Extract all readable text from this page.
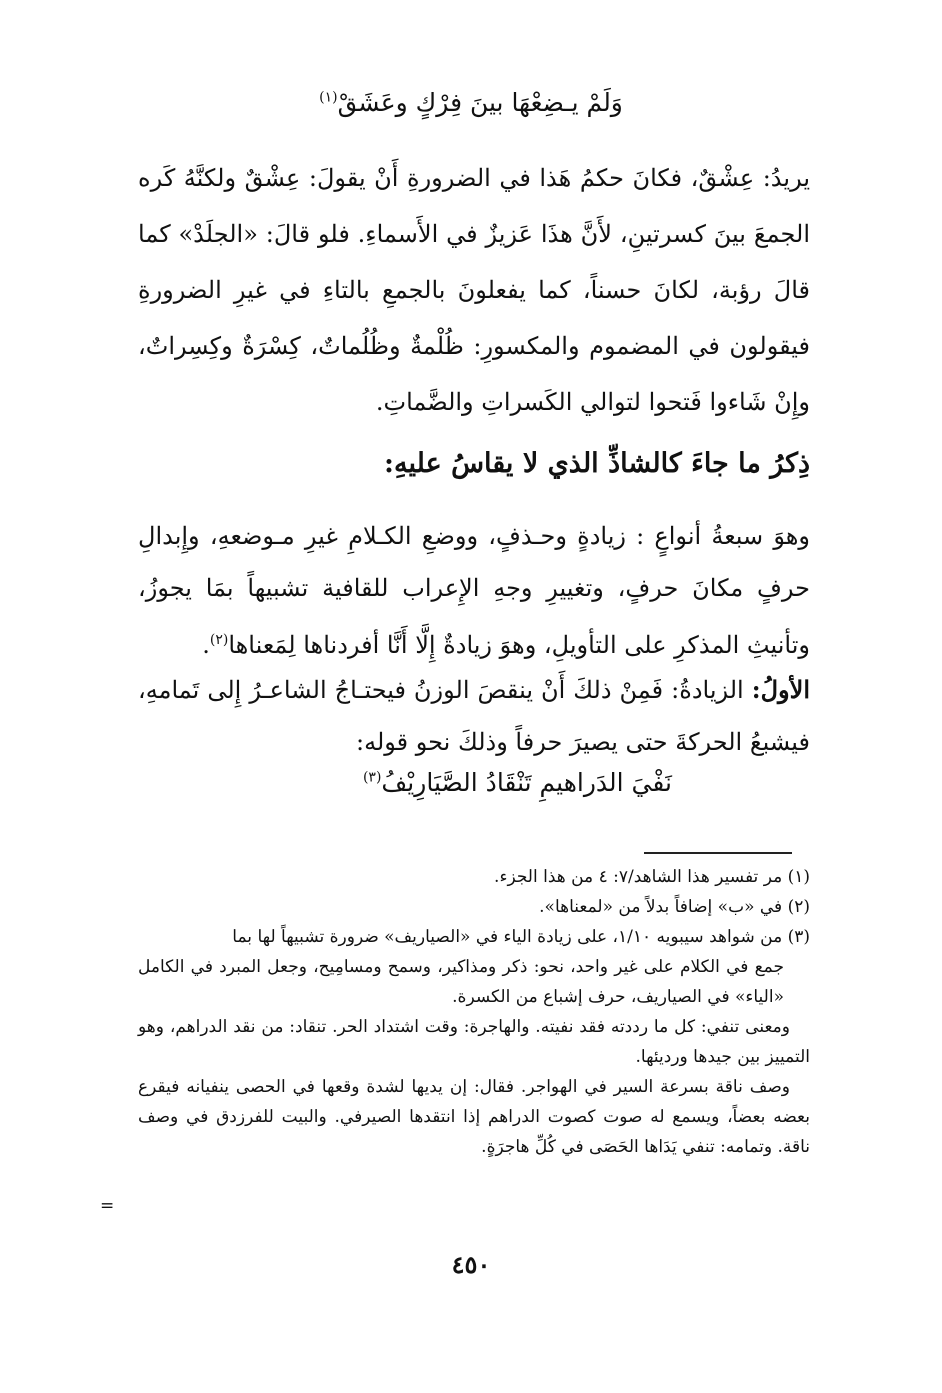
وَلَمْ يـضِعْهَا بينَ فِرْكٍ وعَشَقْ$^{(١)}$

يريدُ: عِشْقٌ، فكانَ حكمُ هَذا في الضرورةِ أَنْ يقولَ: عِشْقٌ ولكنَّهُ كَره الجمعَ بينَ كسرتينِ، لأَنَّ هذَا عَزيزٌ في الأَسماءِ. فلو قالَ: «الجلَدْ» كما قالَ رؤبة، لكانَ حسناً، كما يفعلونَ بالجمعِ بالتاءِ في غيرِ الضرورةِ فيقولون في المضموم والمكسورِ: ظُلْمةٌ وظُلُماتٌ، كِسْرَةٌ وكِسِراتٌ، وإِنْ شَاءوا فَتحوا لتوالي الكَسراتِ والضَّماتِ.

ذِكرُ ما جاءَ كالشاذِّ الذي لا يقاسُ عليهِ:
وهوَ سبعةُ أنواعٍ : زيادةٍ وحـذفٍ، ووضعِ الكـلامِ غيرِ مـوضعهِ، وإِبدالِ حرفٍ مكانَ حرفٍ، وتغييرِ وجهِ الإِعراب للقافية تشبيهاً بمَا يجوزُ، وتأنيثِ المذكرِ على التأويلِ، وهوَ زيادةٌ إِلَّا أَنَّا أفردناها لِمَعناها$^{(٢)}$.
الأولُ: الزيادةُ: فَمِنْ ذلكَ أَنْ ينقصَ الوزنُ فيحتـاجُ الشاعـرُ إِلى تَمامهِ، فيشبعُ الحركةَ حتى يصيرَ حرفاً وذلكَ نحو قوله:
نَفْيَ الدَراهيمِ تَنْقَادُ الصَّيَارِيْفُ$^{(٣)}$

(١) مر تفسير هذا الشاهد/٧: ٤ من هذا الجزء.

(٢) في «ب» إضافاً بدلاً من «لمعناها».

(٣) من شواهد سيبويه ١/١٠، على زيادة الياء في «الصياريف» ضرورة تشبيهاً لها بما

جمع في الكلام على غير واحد، نحو: ذكر ومذاكير، وسمح ومسامِيح، وجعل المبرد في الكامل «الياء» في الصياريف، حرف إشباع من الكسرة.

ومعنى تنفي: كل ما رددته فقد نفيته. والهاجرة: وقت اشتداد الحر. تنقاد: من نقد الدراهم، وهو التمييز بين جيدها ورديئها.

وصف ناقة بسرعة السير في الهواجر. فقال: إن يديها لشدة وقعها في الحصى ينفيانه فيقرع بعضه بعضاً، ويسمع له صوت كصوت الدراهم إذا انتقدها الصيرفي. والبيت للفرزدق في وصف ناقة. وتمامه: تنفي يَدَاها الحَصَى في كُلِّ هاجرَةٍ.

=
٤٥٠
